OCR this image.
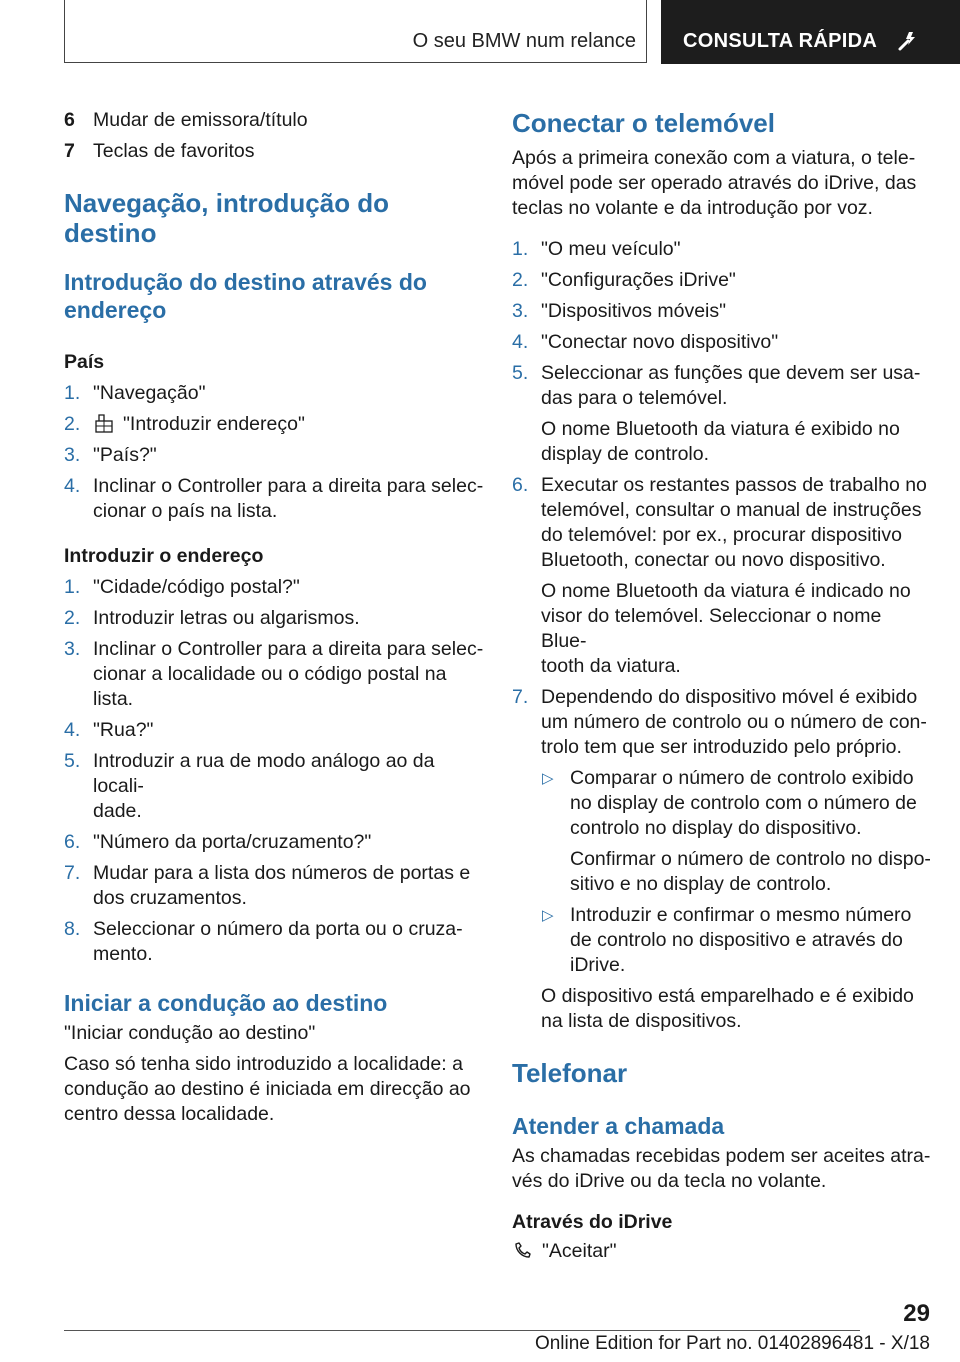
O seu BMW num relance CONSULTA RÁPIDA
6 Mudar de emissora/título
7 Teclas de favoritos
Navegação, introdução do
destino
Introdução do destino através do
endereço
País
1. "Navegação"
2. "Introduzir endereço"
3. "País?"
4. Inclinar o Controller para a direita para selec-
cionar o país na lista.
Introduzir o endereço
1. "Cidade/código postal?"
2. Introduzir letras ou algarismos.
3. Inclinar o Controller para a direita para selec-
cionar a localidade ou o código postal na lista.
4. "Rua?"
5. Introduzir a rua de modo análogo ao da locali-
dade.
6. "Número da porta/cruzamento?"
7. Mudar para a lista dos números de portas e
dos cruzamentos.
8. Seleccionar o número da porta ou o cruza-
mento.
Iniciar a condução ao destino

"Iniciar condução ao destino"

Caso só tenha sido introduzido a localidade: a
condução ao destino é iniciada em direcção ao
centro dessa localidade.

Conectar o telemóvel

Após a primeira conexão com a viatura, o tele-
móvel pode ser operado através do iDrive, das
teclas no volante e da introdução por voz.

1. "O meu veículo"
2. "Configurações iDrive"
3. "Dispositivos móveis"
4. "Conectar novo dispositivo"
5. Seleccionar as funções que devem ser usa-
das para o telemóvel.

O nome Bluetooth da viatura é exibido no
display de controlo.

6. Executar os restantes passos de trabalho no
telemóvel, consultar o manual de instruções
do telemóvel: por ex., procurar dispositivo
Bluetooth, conectar ou novo dispositivo.

O nome Bluetooth da viatura é indicado no
visor do telemóvel. Seleccionar o nome Blue-
tooth da viatura.

7. Dependendo do dispositivo móvel é exibido
um número de controlo ou o número de con-
trolo tem que ser introduzido pelo próprio.
▷ Comparar o número de controlo exibido
no display de controlo com o número de
controlo no display do dispositivo.

Confirmar o número de controlo no dispo-
sitivo e no display de controlo.

▷ Introduzir e confirmar o mesmo número
de controlo no dispositivo e através do
iDrive.

O dispositivo está emparelhado e é exibido
na lista de dispositivos.

Telefonar
Atender a chamada

As chamadas recebidas podem ser aceites atra-
vés do iDrive ou da tecla no volante.

Através do iDrive

"Aceitar"

29
Online Edition for Part no. 01402896481 - X/18
